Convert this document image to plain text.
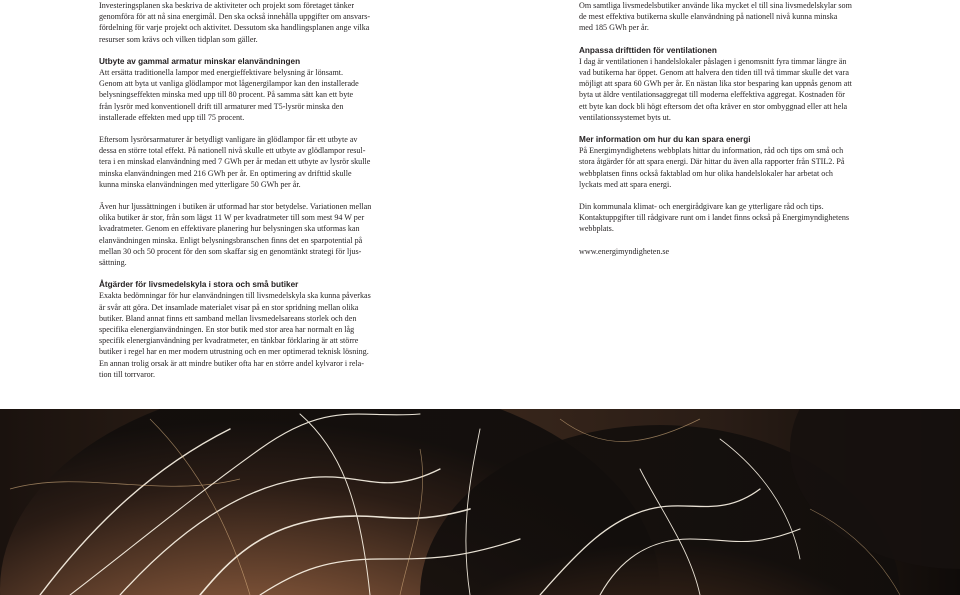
Investeringsplanen ska beskriva de aktiviteter och projekt som företaget tänker
genomföra för att nå sina energimål. Den ska också innehålla uppgifter om ansvars-
fördelning för varje projekt och aktivitet. Dessutom ska handlingsplanen ange vilka
resurser som krävs och vilken tidplan som gäller.

Utbyte av gammal armatur minskar elanvändningen

Att ersätta traditionella lampor med energieffektivare belysning är lönsamt.
Genom att byta ut vanliga glödlampor mot lågenergilampor kan den installerade
belysningseffekten minska med upp till 80 procent. På samma sätt kan ett byte
från lysrör med konventionell drift till armaturer med T5-lysrör minska den
installerade effekten med upp till 75 procent.

Eftersom lysrörsarmaturer är betydligt vanligare än glödlampor får ett utbyte av
dessa en större total effekt. På nationell nivå skulle ett utbyte av glödlampor resul-
tera i en minskad elanvändning med 7 GWh per år medan ett utbyte av lysrör skulle
minska elanvändningen med 216 GWh per år. En optimering av drifttid skulle
kunna minska elanvändningen med ytterligare 50 GWh per år.

Även hur ljussättningen i butiken är utformad har stor betydelse. Variationen mellan
olika butiker är stor, från som lägst 11 W per kvadratmeter till som mest 94 W per
kvadratmeter. Genom en effektivare planering hur belysningen ska utformas kan
elanvändningen minska. Enligt belysningsbranschen finns det en sparpotential på
mellan 30 och 50 procent för den som skaffar sig en genomtänkt strategi för ljus-
sättning.

Åtgärder för livsmedelskyla i stora och små butiker

Exakta bedömningar för hur elanvändningen till livsmedelskyla ska kunna påverkas
är svår att göra. Det insamlade materialet visar på en stor spridning mellan olika
butiker. Bland annat finns ett samband mellan livsmedelsareans storlek och den
specifika elenergianvändningen. En stor butik med stor area har normalt en låg
specifik elenergianvändning per kvadratmeter, en tänkbar förklaring är att större
butiker i regel har en mer modern utrustning och en mer optimerad teknisk lösning.
En annan trolig orsak är att mindre butiker ofta har en större andel kylvaror i rela-
tion till torrvaror.

Om samtliga livsmedelsbutiker använde lika mycket el till sina livsmedelskylar som
de mest effektiva butikerna skulle elanvändning på nationell nivå kunna minska
med 185 GWh per år.

Anpassa drifttiden för ventilationen

I dag är ventilationen i handelslokaler påslagen i genomsnitt fyra timmar längre än
vad butikerna har öppet. Genom att halvera den tiden till två timmar skulle det vara
möjligt att spara 60 GWh per år. En nästan lika stor besparing kan uppnås genom att
byta ut äldre ventilationsaggregat till moderna eleffektiva aggregat. Kostnaden för
ett byte kan dock bli högt eftersom det ofta kräver en stor ombyggnad eller att hela
ventilationssystemet byts ut.

Mer information om hur du kan spara energi

På Energimyndighetens webbplats hittar du information, råd och tips om små och
stora åtgärder för att spara energi. Där hittar du även alla rapporter från STIL2. På
webbplatsen finns också faktablad om hur olika handelslokaler har arbetat och
lyckats med att spara energi.

Din kommunala klimat- och energirådgivare kan ge ytterligare råd och tips.
Kontaktuppgifter till rådgivare runt om i landet finns också på Energimyndighetens
webbplats.

www.energimyndigheten.se
